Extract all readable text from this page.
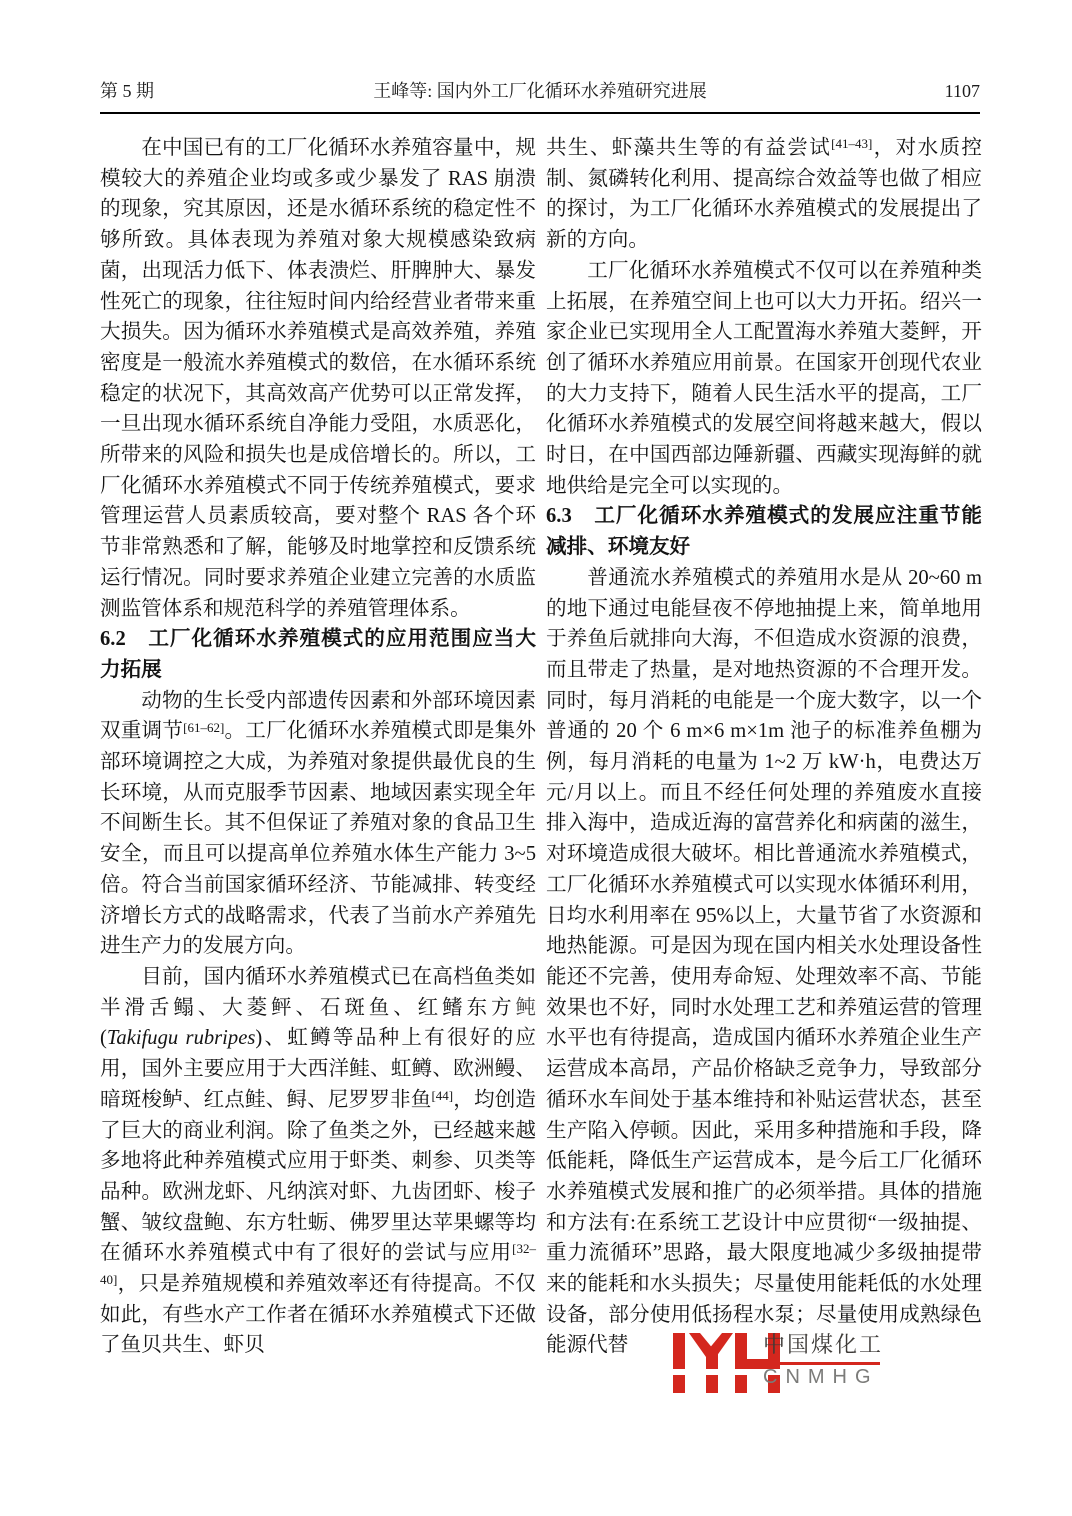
第 5 期	王峰等: 国内外工厂化循环水养殖研究进展	1107
在中国已有的工厂化循环水养殖容量中，规模较大的养殖企业均或多或少暴发了 RAS 崩溃的现象，究其原因，还是水循环系统的稳定性不够所致。具体表现为养殖对象大规模感染致病菌，出现活力低下、体表溃烂、肝脾肿大、暴发性死亡的现象，往往短时间内给经营业者带来重大损失。因为循环水养殖模式是高效养殖，养殖密度是一般流水养殖模式的数倍，在水循环系统稳定的状况下，其高效高产优势可以正常发挥，一旦出现水循环系统自净能力受阻，水质恶化，所带来的风险和损失也是成倍增长的。所以，工厂化循环水养殖模式不同于传统养殖模式，要求管理运营人员素质较高，要对整个 RAS 各个环节非常熟悉和了解，能够及时地掌控和反馈系统运行情况。同时要求养殖企业建立完善的水质监测监管体系和规范科学的养殖管理体系。
6.2　工厂化循环水养殖模式的应用范围应当大力拓展
动物的生长受内部遗传因素和外部环境因素双重调节[61–62]。工厂化循环水养殖模式即是集外部环境调控之大成，为养殖对象提供最优良的生长环境，从而克服季节因素、地域因素实现全年不间断生长。其不但保证了养殖对象的食品卫生安全，而且可以提高单位养殖水体生产能力 3~5 倍。符合当前国家循环经济、节能减排、转变经济增长方式的战略需求，代表了当前水产养殖先进生产力的发展方向。
目前，国内循环水养殖模式已在高档鱼类如半滑舌鳎、大菱鲆、石斑鱼、红鳍东方鲀(Takifugu rubripes)、虹鳟等品种上有很好的应用，国外主要应用于大西洋鲑、虹鳟、欧洲鳗、暗斑梭鲈、红点鲑、鲟、尼罗罗非鱼[44]，均创造了巨大的商业利润。除了鱼类之外，已经越来越多地将此种养殖模式应用于虾类、刺参、贝类等品种。欧洲龙虾、凡纳滨对虾、九齿团虾、梭子蟹、皱纹盘鲍、东方牡蛎、佛罗里达苹果螺等均在循环水养殖模式中有了很好的尝试与应用[32–40]，只是养殖规模和养殖效率还有待提高。不仅如此，有些水产工作者在循环水养殖模式下还做了鱼贝共生、虾贝
共生、虾藻共生等的有益尝试[41–43]，对水质控制、氮磷转化利用、提高综合效益等也做了相应的探讨，为工厂化循环水养殖模式的发展提出了新的方向。
工厂化循环水养殖模式不仅可以在养殖种类上拓展，在养殖空间上也可以大力开拓。绍兴一家企业已实现用全人工配置海水养殖大菱鲆，开创了循环水养殖应用前景。在国家开创现代农业的大力支持下，随着人民生活水平的提高，工厂化循环水养殖模式的发展空间将越来越大，假以时日，在中国西部边陲新疆、西藏实现海鲜的就地供给是完全可以实现的。
6.3　工厂化循环水养殖模式的发展应注重节能减排、环境友好
普通流水养殖模式的养殖用水是从 20~60 m 的地下通过电能昼夜不停地抽提上来，简单地用于养鱼后就排向大海，不但造成水资源的浪费，而且带走了热量，是对地热资源的不合理开发。同时，每月消耗的电能是一个庞大数字，以一个普通的 20 个 6 m×6 m×1m 池子的标准养鱼棚为例，每月消耗的电量为 1~2 万 kW·h，电费达万元/月以上。而且不经任何处理的养殖废水直接排入海中，造成近海的富营养化和病菌的滋生，对环境造成很大破坏。相比普通流水养殖模式，工厂化循环水养殖模式可以实现水体循环利用，日均水利用率在 95%以上，大量节省了水资源和地热能源。可是因为现在国内相关水处理设备性能还不完善，使用寿命短、处理效率不高、节能效果也不好，同时水处理工艺和养殖运营的管理水平也有待提高，造成国内循环水养殖企业生产运营成本高昂，产品价格缺乏竞争力，导致部分循环水车间处于基本维持和补贴运营状态，甚至生产陷入停顿。因此，采用多种措施和手段，降低能耗，降低生产运营成本，是今后工厂化循环水养殖模式发展和推广的必须举措。具体的措施和方法有:在系统工艺设计中应贯彻“一级抽提、重力流循环”思路，最大限度地减少多级抽提带来的能耗和水头损失；尽量使用能耗低的水处理设备，部分使用低扬程水泵；尽量使用成熟绿色能源代替	中国煤化工
CNMHG
